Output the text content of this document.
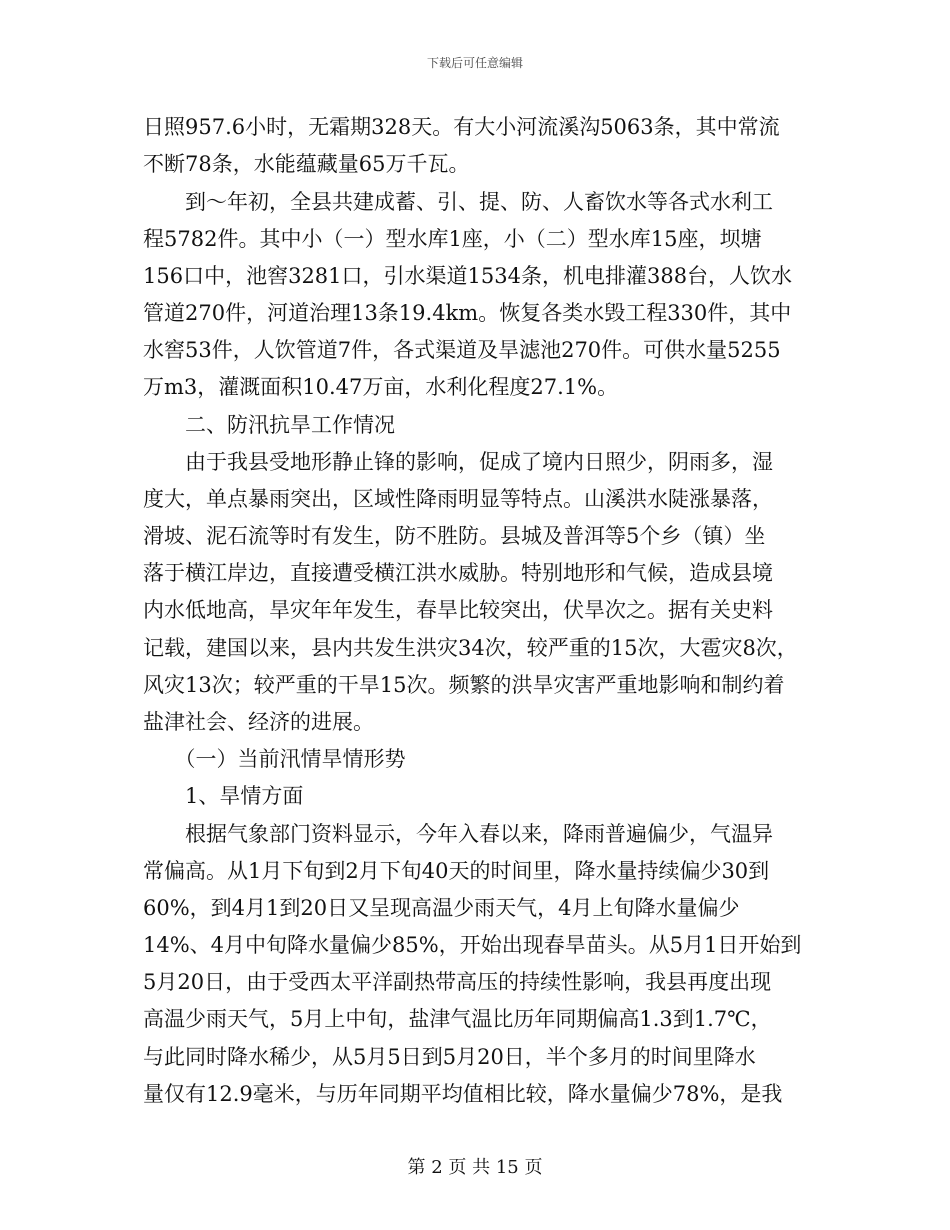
下载后可任意编辑
日照957.6小时，无霜期328天。有大小河流溪沟5063条，其中常流
不断78条，水能蕴藏量65万千瓦。
　　到～年初，全县共建成蓄、引、提、防、人畜饮水等各式水利工
程5782件。其中小（一）型水库1座，小（二）型水库15座，坝塘
156口中，池窖3281口，引水渠道1534条，机电排灌388台，人饮水
管道270件，河道治理13条19.4km。恢复各类水毁工程330件，其中
水窖53件，人饮管道7件，各式渠道及旱滤池270件。可供水量5255
万m3，灌溉面积10.47万亩，水利化程度27.1%。
　　二、防汛抗旱工作情况
　　由于我县受地形静止锋的影响，促成了境内日照少，阴雨多，湿
度大，单点暴雨突出，区域性降雨明显等特点。山溪洪水陡涨暴落，
滑坡、泥石流等时有发生，防不胜防。县城及普洱等5个乡（镇）坐
落于横江岸边，直接遭受横江洪水威胁。特别地形和气候，造成县境
内水低地高，旱灾年年发生，春旱比较突出，伏旱次之。据有关史料
记载，建国以来，县内共发生洪灾34次，较严重的15次，大雹灾8次，
风灾13次；较严重的干旱15次。频繁的洪旱灾害严重地影响和制约着
盐津社会、经济的进展。
　　（一）当前汛情旱情形势
　　1、旱情方面
　　根据气象部门资料显示，今年入春以来，降雨普遍偏少，气温异
常偏高。从1月下旬到2月下旬40天的时间里，降水量持续偏少30到
60%，到4月1到20日又呈现高温少雨天气，4月上旬降水量偏少
14%、4月中旬降水量偏少85%，开始出现春旱苗头。从5月1日开始到
5月20日，由于受西太平洋副热带高压的持续性影响，我县再度出现
高温少雨天气，5月上中旬，盐津气温比历年同期偏高1.3到1.7℃，
与此同时降水稀少，从5月5日到5月20日，半个多月的时间里降水
量仅有12.9毫米，与历年同期平均值相比较，降水量偏少78%，是我
第 2 页 共 15 页
